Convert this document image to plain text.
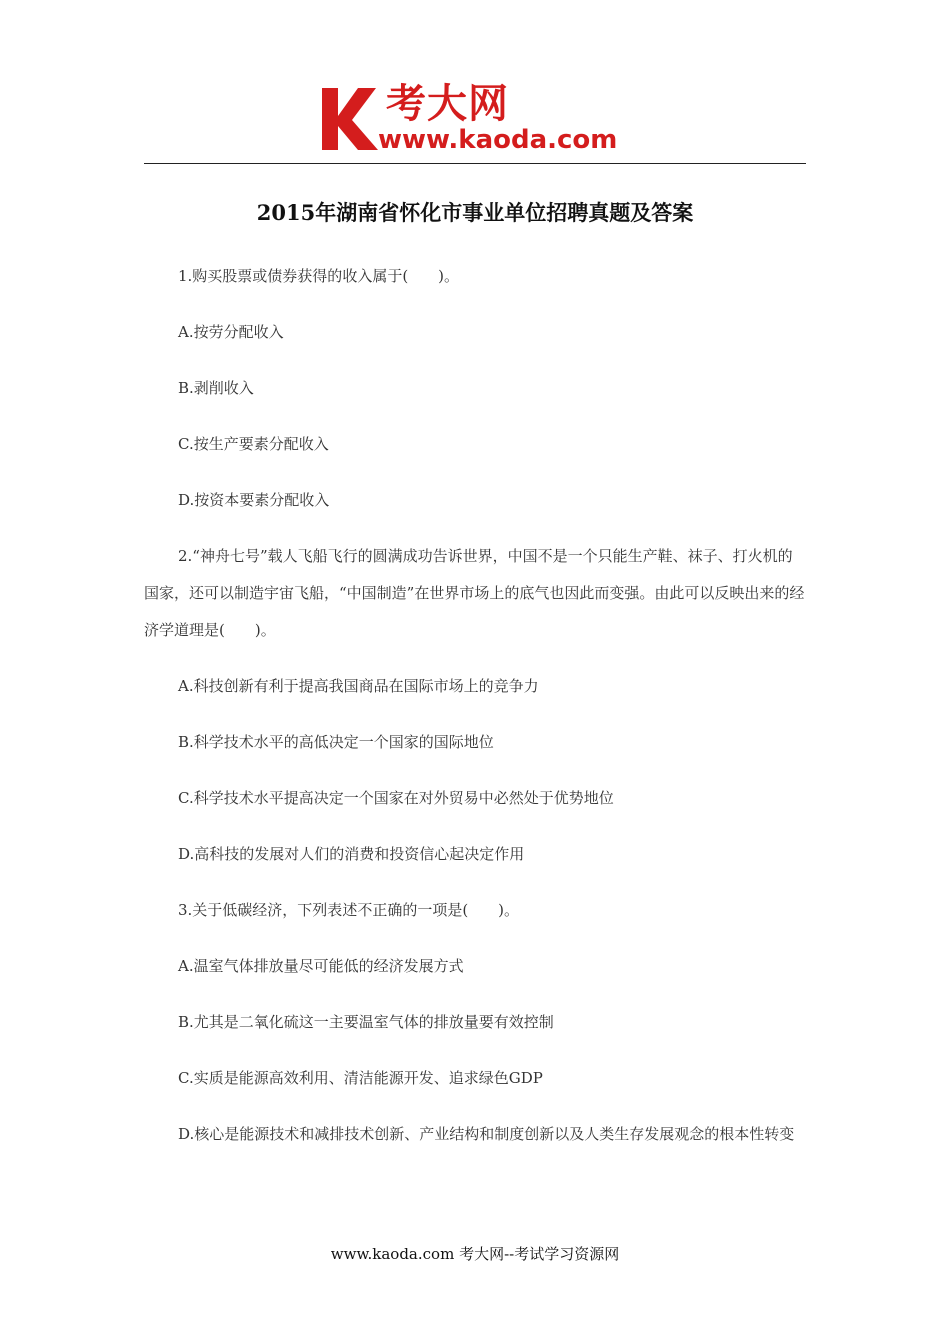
考大网
www.kaoda.com
2015年湖南省怀化市事业单位招聘真题及答案

1.购买股票或债券获得的收入属于(　　)。

A.按劳分配收入

B.剥削收入

C.按生产要素分配收入

D.按资本要素分配收入

2.“神舟七号”载人飞船飞行的圆满成功告诉世界，中国不是一个只能生产鞋、袜子、打火机的国家，还可以制造宇宙飞船，“中国制造”在世界市场上的底气也因此而变强。由此可以反映出来的经济学道理是(　　)。

A.科技创新有利于提高我国商品在国际市场上的竞争力

B.科学技术水平的高低决定一个国家的国际地位

C.科学技术水平提高决定一个国家在对外贸易中必然处于优势地位

D.高科技的发展对人们的消费和投资信心起决定作用

3.关于低碳经济，下列表述不正确的一项是(　　)。

A.温室气体排放量尽可能低的经济发展方式

B.尤其是二氧化硫这一主要温室气体的排放量要有效控制

C.实质是能源高效利用、清洁能源开发、追求绿色GDP

D.核心是能源技术和减排技术创新、产业结构和制度创新以及人类生存发展观念的根本性转变

www.kaoda.com 考大网--考试学习资源网
